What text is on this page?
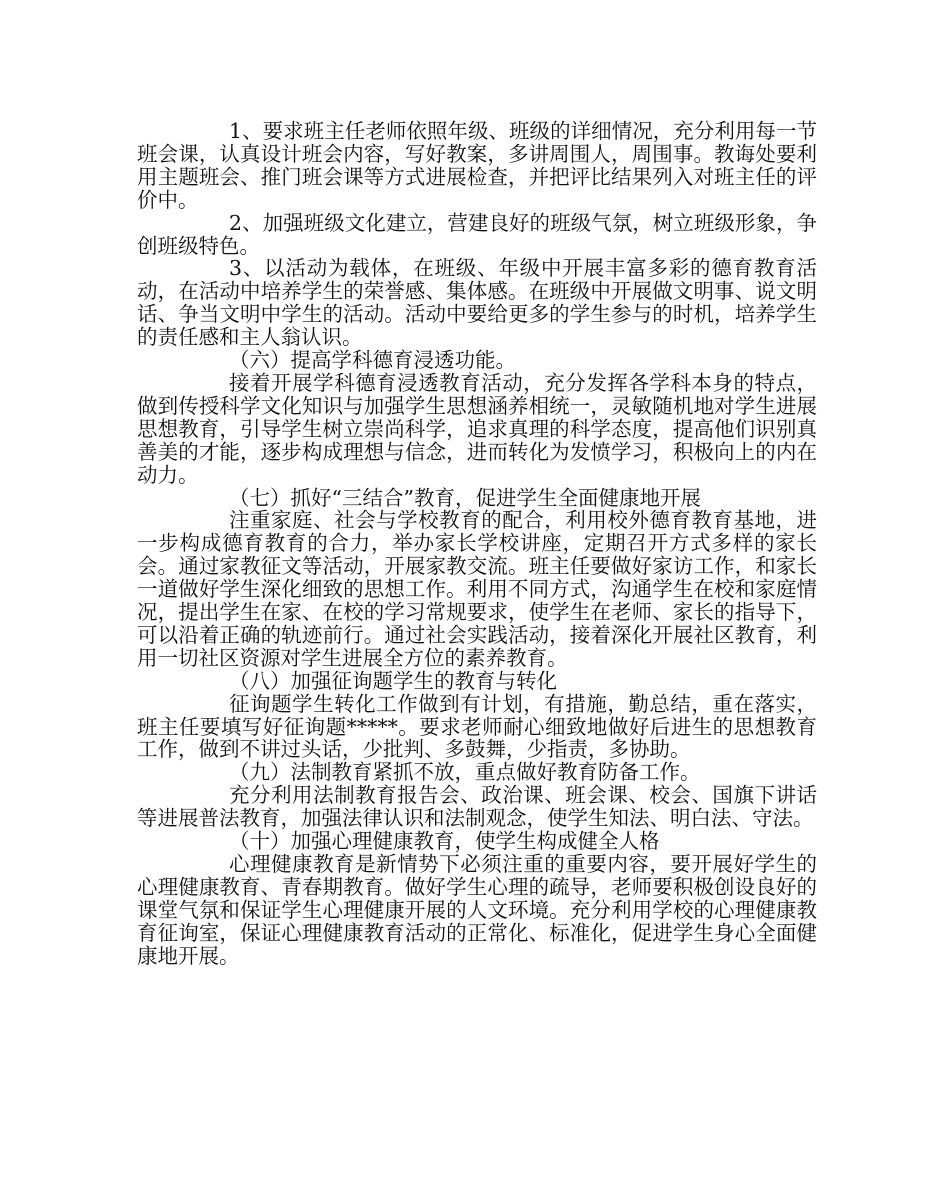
1、要求班主任老师依照年级、班级的详细情况，充分利用每一节班会课，认真设计班会内容，写好教案，多讲周围人，周围事。教诲处要利用主题班会、推门班会课等方式进展检查，并把评比结果列入对班主任的评价中。

2、加强班级文化建立，营建良好的班级气氛，树立班级形象，争创班级特色。

3、以活动为载体，在班级、年级中开展丰富多彩的德育教育活动，在活动中培养学生的荣誉感、集体感。在班级中开展做文明事、说文明话、争当文明中学生的活动。活动中要给更多的学生参与的时机，培养学生的责任感和主人翁认识。

（六）提高学科德育浸透功能。

接着开展学科德育浸透教育活动，充分发挥各学科本身的特点，做到传授科学文化知识与加强学生思想涵养相统一，灵敏随机地对学生进展思想教育，引导学生树立崇尚科学，追求真理的科学态度，提高他们识别真善美的才能，逐步构成理想与信念，进而转化为发愤学习，积极向上的内在动力。

（七）抓好“三结合”教育，促进学生全面健康地开展

注重家庭、社会与学校教育的配合，利用校外德育教育基地，进一步构成德育教育的合力，举办家长学校讲座，定期召开方式多样的家长会。通过家教征文等活动，开展家教交流。班主任要做好家访工作，和家长一道做好学生深化细致的思想工作。利用不同方式，沟通学生在校和家庭情况，提出学生在家、在校的学习常规要求，使学生在老师、家长的指导下，可以沿着正确的轨迹前行。通过社会实践活动，接着深化开展社区教育，利用一切社区资源对学生进展全方位的素养教育。

（八）加强征询题学生的教育与转化

征询题学生转化工作做到有计划，有措施，勤总结，重在落实，班主任要填写好征询题*****。要求老师耐心细致地做好后进生的思想教育工作，做到不讲过头话，少批判、多鼓舞，少指责，多协助。

（九）法制教育紧抓不放，重点做好教育防备工作。

充分利用法制教育报告会、政治课、班会课、校会、国旗下讲话等进展普法教育，加强法律认识和法制观念，使学生知法、明白法、守法。

（十）加强心理健康教育，使学生构成健全人格

心理健康教育是新情势下必须注重的重要内容，要开展好学生的心理健康教育、青春期教育。做好学生心理的疏导，老师要积极创设良好的课堂气氛和保证学生心理健康开展的人文环境。充分利用学校的心理健康教育征询室，保证心理健康教育活动的正常化、标准化，促进学生身心全面健康地开展。
